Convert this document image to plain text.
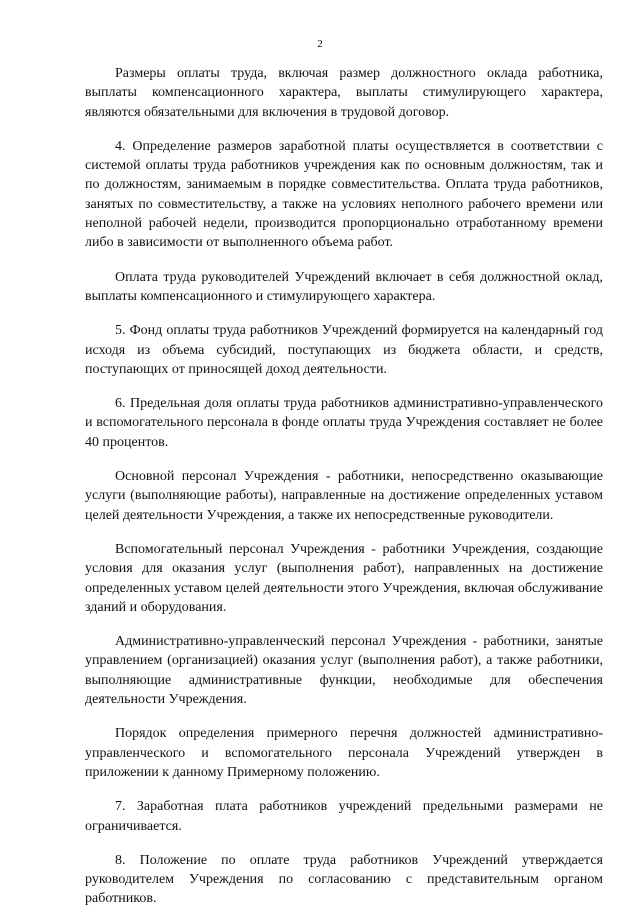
2

Размеры оплаты труда, включая размер должностного оклада работника, выплаты компенсационного характера, выплаты стимулирующего характера, являются обязательными для включения в трудовой договор.

4. Определение размеров заработной платы осуществляется в соответствии с системой оплаты труда работников учреждения как по основным должностям, так и по должностям, занимаемым в порядке совместительства. Оплата труда работников, занятых по совместительству, а также на условиях неполного рабочего времени или неполной рабочей недели, производится пропорционально отработанному времени либо в зависимости от выполненного объема работ.

Оплата труда руководителей Учреждений включает в себя должностной оклад, выплаты компенсационного и стимулирующего характера.

5. Фонд оплаты труда работников Учреждений формируется на календарный год исходя из объема субсидий, поступающих из бюджета области, и средств, поступающих от приносящей доход деятельности.

6. Предельная доля оплаты труда работников административно-управленческого и вспомогательного персонала в фонде оплаты труда Учреждения составляет не более 40 процентов.

Основной персонал Учреждения - работники, непосредственно оказывающие услуги (выполняющие работы), направленные на достижение определенных уставом целей деятельности Учреждения, а также их непосредственные руководители.

Вспомогательный персонал Учреждения - работники Учреждения, создающие условия для оказания услуг (выполнения работ), направленных на достижение определенных уставом целей деятельности этого Учреждения, включая обслуживание зданий и оборудования.

Административно-управленческий персонал Учреждения - работники, занятые управлением (организацией) оказания услуг (выполнения работ), а также работники, выполняющие административные функции, необходимые для обеспечения деятельности Учреждения.

Порядок определения примерного перечня должностей административно-управленческого и вспомогательного персонала Учреждений утвержден в приложении к данному Примерному положению.

7. Заработная плата работников учреждений предельными размерами не ограничивается.

8. Положение по оплате труда работников Учреждений утверждается руководителем Учреждения по согласованию с представительным органом работников.
